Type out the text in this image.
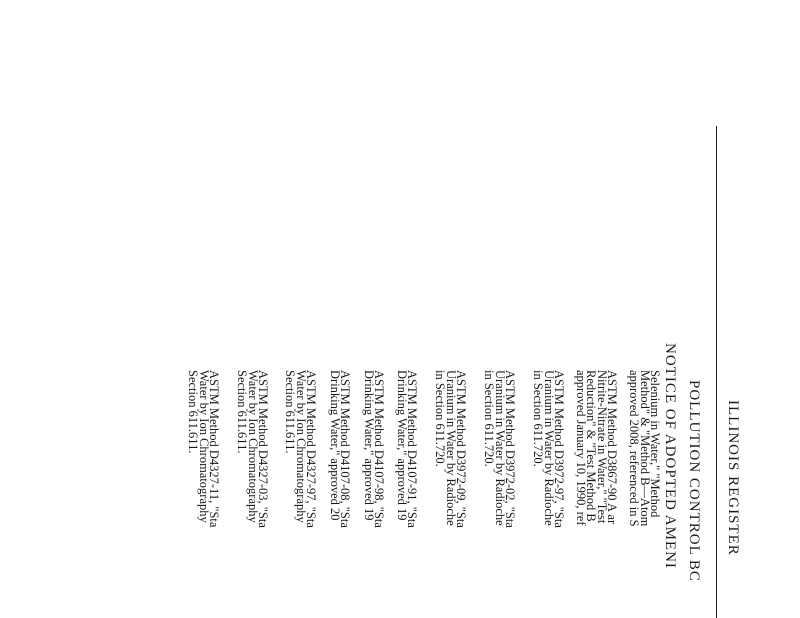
ILLINOIS REGISTER
POLLUTION CONTROL BC
NOTICE OF ADOPTED AMENI
Selenium in Water," "Method
Method" & "Method B—Atom
approved 2008, referenced in S
ASTM Method D3867-90 A ar
Nitrite-Nitrate in Water," "Test
Reduction" & "Test Method B
approved January 10, 1990, ref
ASTM Method D3972-97, "Sta
Uranium in Water by Radioche
in Section 611.720.
ASTM Method D3972-02, "Sta
Uranium in Water by Radioche
in Section 611.720.
ASTM Method D3972-09, "Sta
Uranium in Water by Radioche
in Section 611.720.
ASTM Method D4107-91, "Sta
Drinking Water," approved 19
ASTM Method D4107-98, "Sta
Drinking Water," approved 19
ASTM Method D4107-08, "Sta
Drinking Water," approved 20
ASTM Method D4327-97, "Sta
Water by Ion Chromatography
Section 611.611.
ASTM Method D4327-03, "Sta
Water by Ion Chromatography
Section 611.611.
ASTM Method D4327-11, "Sta
Water by Ion Chromatography
Section 611.611.
